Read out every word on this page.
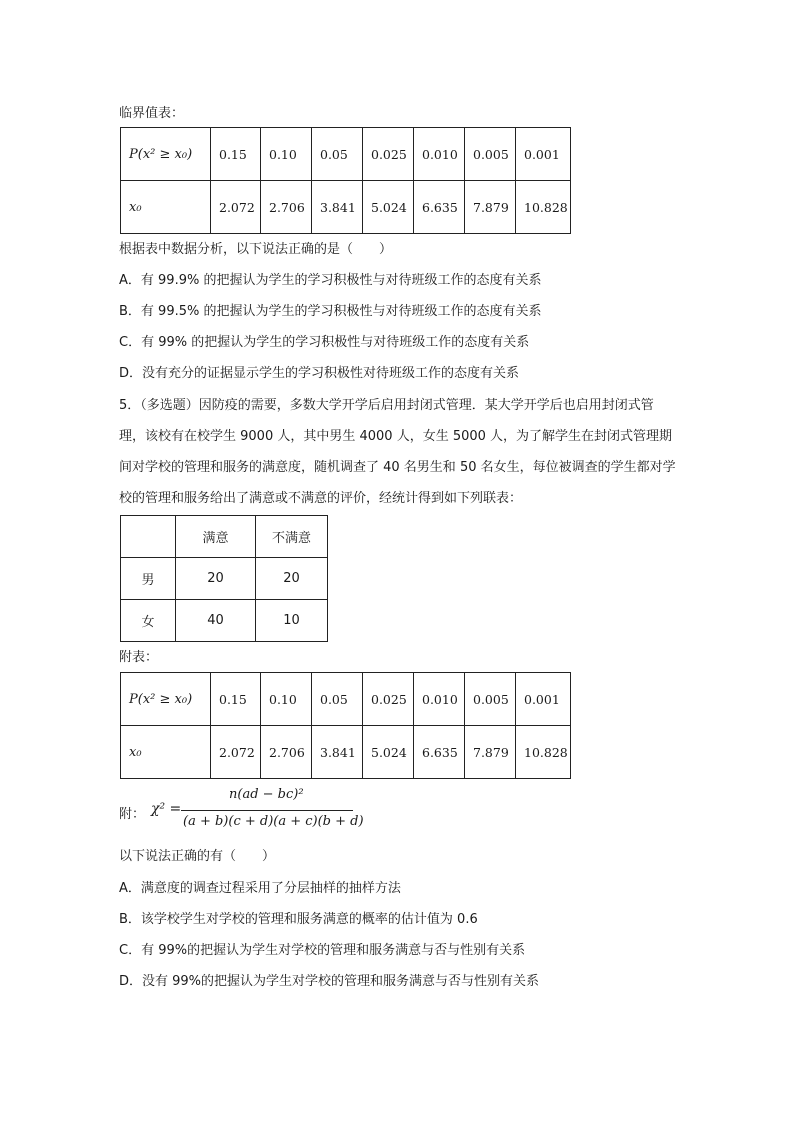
临界值表：
P(x² ≥ x₀)	0.15	0.10	0.05	0.025	0.010	0.005	0.001
x₀	2.072	2.706	3.841	5.024	6.635	7.879	10.828
根据表中数据分析，以下说法正确的是（　　）
A．有 99.9% 的把握认为学生的学习积极性与对待班级工作的态度有关系
B．有 99.5% 的把握认为学生的学习积极性与对待班级工作的态度有关系
C．有 99% 的把握认为学生的学习积极性与对待班级工作的态度有关系
D．没有充分的证据显示学生的学习积极性对待班级工作的态度有关系
5．（多选题）因防疫的需要，多数大学开学后启用封闭式管理．某大学开学后也启用封闭式管理，该校有在校学生 9000 人，其中男生 4000 人，女生 5000 人，为了解学生在封闭式管理期间对学校的管理和服务的满意度，随机调查了 40 名男生和 50 名女生，每位被调查的学生都对学校的管理和服务给出了满意或不满意的评价，经统计得到如下列联表：
	满意	不满意
男	20	20
女	40	10
附表：
P(x² ≥ x₀)	0.15	0.10	0.05	0.025	0.010	0.005	0.001
x₀	2.072	2.706	3.841	5.024	6.635	7.879	10.828
附： χ² =
n(ad − bc)²
(a + b)(c + d)(a + c)(b + d)
以下说法正确的有（　　）
A．满意度的调查过程采用了分层抽样的抽样方法
B．该学校学生对学校的管理和服务满意的概率的估计值为 0.6
C．有 99%的把握认为学生对学校的管理和服务满意与否与性别有关系
D．没有 99%的把握认为学生对学校的管理和服务满意与否与性别有关系
